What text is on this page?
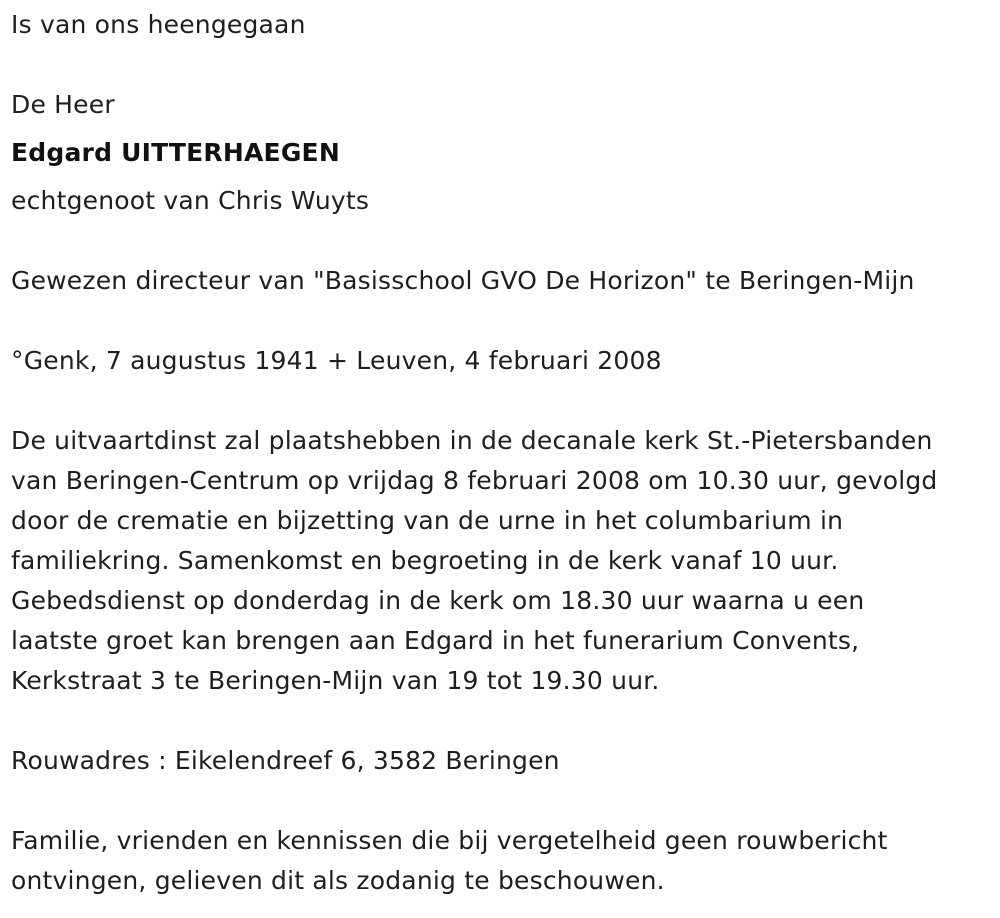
Is van ons heengegaan
De Heer
Edgard UITTERHAEGEN
echtgenoot van Chris Wuyts
Gewezen directeur van "Basisschool GVO De Horizon" te Beringen-Mijn
°Genk, 7 augustus 1941 + Leuven, 4 februari 2008
De uitvaartdinst zal plaatshebben in de decanale kerk St.-Pietersbanden
van Beringen-Centrum op vrijdag 8 februari 2008 om 10.30 uur, gevolgd
door de crematie en bijzetting van de urne in het columbarium in
familiekring. Samenkomst en begroeting in de kerk vanaf 10 uur.
Gebedsdienst op donderdag in de kerk om 18.30 uur waarna u een
laatste groet kan brengen aan Edgard in het funerarium Convents,
Kerkstraat 3 te Beringen-Mijn van 19 tot 19.30 uur.
Rouwadres : Eikelendreef 6, 3582 Beringen
Familie, vrienden en kennissen die bij vergetelheid geen rouwbericht
ontvingen, gelieven dit als zodanig te beschouwen.
